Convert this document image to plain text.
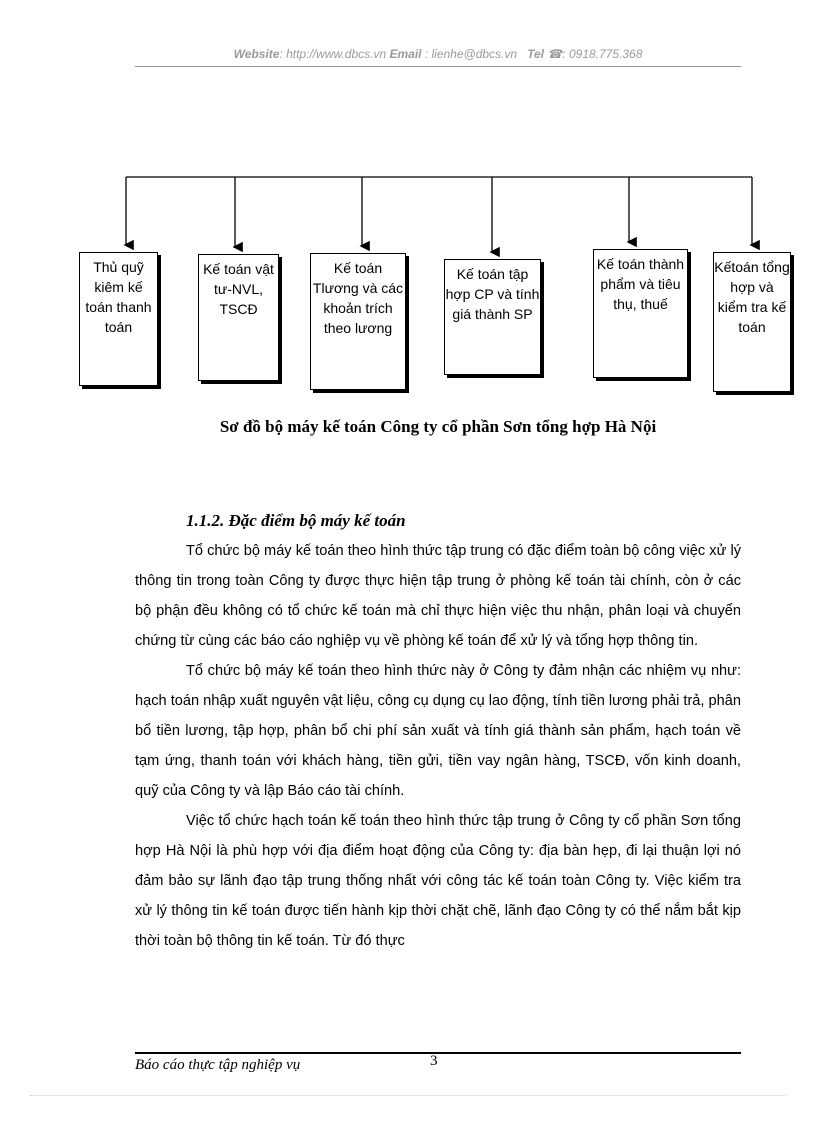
Website: http://www.dbcs.vn Email : lienhe@dbcs.vn Tel ☎: 0918.775.368
Thủ quỹ kiêm kế toán thanh toán
Kế toán vật tư-NVL, TSCĐ
Kế toán Tlương và các khoản trích theo lương
Kế toán tập hợp CP và tính giá thành SP
Kế toán thành phẩm và tiêu thụ, thuế
Kếtoán tổng hợp và kiểm tra kế toán
Sơ đồ bộ máy kế toán Công ty cổ phần Sơn tổng hợp Hà Nội
1.1.2. Đặc điểm bộ máy kế toán

Tổ chức bộ máy kế toán theo hình thức tập trung có đặc điểm toàn bộ công việc xử lý thông tin trong toàn Công ty được thực hiện tập trung ở phòng kế toán tài chính, còn ở các bộ phận đều không có tổ chức kế toán mà chỉ thực hiện việc thu nhận, phân loại và chuyển chứng từ cùng các báo cáo nghiệp vụ về phòng kế toán để xử lý và tổng hợp thông tin.

Tổ chức bộ máy kế toán theo hình thức này ở Công ty đảm nhận các nhiệm vụ như: hạch toán nhập xuất nguyên vật liệu, công cụ dụng cụ lao động, tính tiền lương phải trả, phân bổ tiền lương, tập hợp, phân bổ chi phí sản xuất và tính giá thành sản phẩm, hạch toán về tạm ứng, thanh toán với khách hàng, tiền gửi, tiền vay ngân hàng, TSCĐ, vốn kinh doanh, quỹ của Công ty và lập Báo cáo tài chính.

Việc tổ chức hạch toán kế toán theo hình thức tập trung ở Công ty cổ phần Sơn tổng hợp Hà Nội là phù hợp với địa điểm hoạt động của Công ty: địa bàn hẹp, đi lại thuận lợi nó đảm bảo sự lãnh đạo tập trung thống nhất với công tác kế toán toàn Công ty. Việc kiểm tra xử lý thông tin kế toán được tiến hành kịp thời chặt chẽ, lãnh đạo Công ty có thể nắm bắt kịp thời toàn bộ thông tin kế toán. Từ đó thực

Báo cáo thực tập nghiệp vụ	3
